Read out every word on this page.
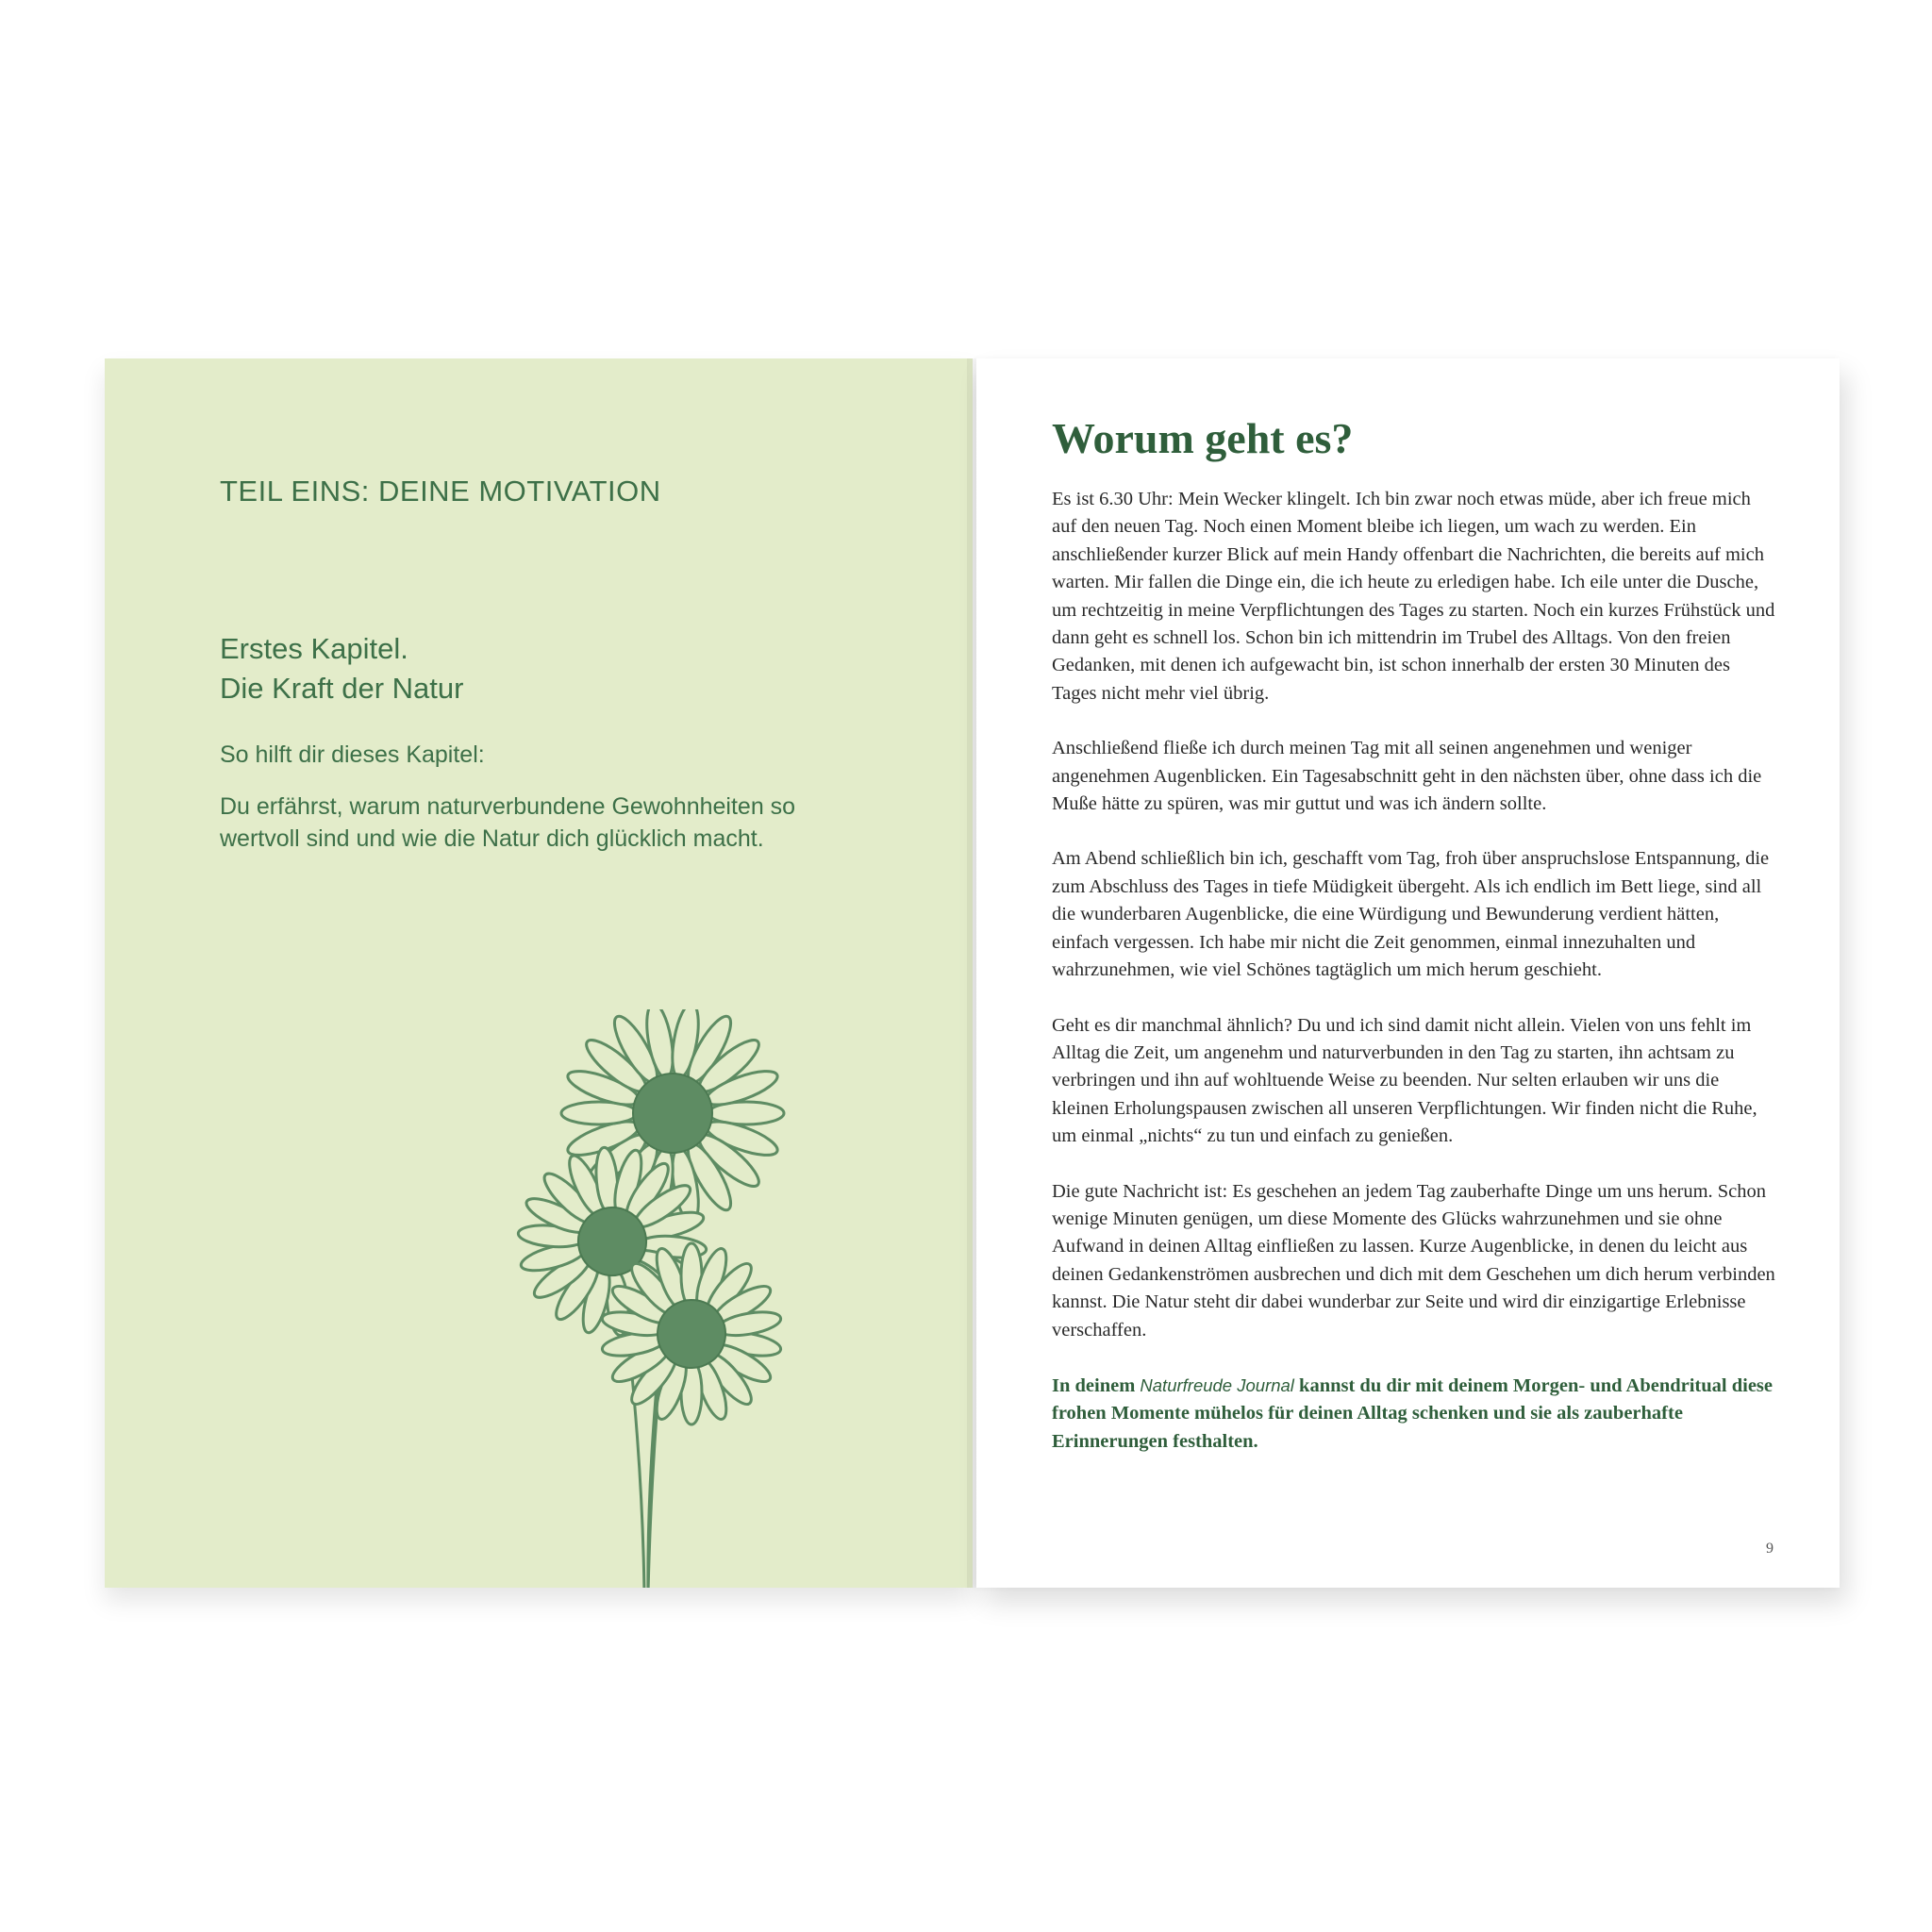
TEIL EINS: DEINE MOTIVATION
Erstes Kapitel.
Die Kraft der Natur
So hilft dir dieses Kapitel:
Du erfährst, warum naturverbundene Gewohnheiten so wertvoll sind und wie die Natur dich glücklich macht.
Worum geht es?

Es ist 6.30 Uhr: Mein Wecker klingelt. Ich bin zwar noch etwas müde, aber ich freue mich auf den neuen Tag. Noch einen Moment bleibe ich liegen, um wach zu werden. Ein anschließender kurzer Blick auf mein Handy offenbart die Nachrichten, die bereits auf mich warten. Mir fallen die Dinge ein, die ich heute zu erledigen habe. Ich eile unter die Dusche, um rechtzeitig in meine Verpflichtungen des Tages zu starten. Noch ein kurzes Frühstück und dann geht es schnell los. Schon bin ich mittendrin im Trubel des Alltags. Von den freien Gedanken, mit denen ich aufgewacht bin, ist schon innerhalb der ersten 30 Minuten des Tages nicht mehr viel übrig.

Anschließend fließe ich durch meinen Tag mit all seinen angenehmen und weniger angenehmen Augenblicken. Ein Tagesabschnitt geht in den nächsten über, ohne dass ich die Muße hätte zu spüren, was mir guttut und was ich ändern sollte.

Am Abend schließlich bin ich, geschafft vom Tag, froh über anspruchslose Entspannung, die zum Abschluss des Tages in tiefe Müdigkeit übergeht. Als ich endlich im Bett liege, sind all die wunderbaren Augenblicke, die eine Würdigung und Bewunderung verdient hätten, einfach vergessen. Ich habe mir nicht die Zeit genommen, einmal innezuhalten und wahrzunehmen, wie viel Schönes tagtäglich um mich herum geschieht.

Geht es dir manchmal ähnlich? Du und ich sind damit nicht allein. Vielen von uns fehlt im Alltag die Zeit, um angenehm und naturverbunden in den Tag zu starten, ihn achtsam zu verbringen und ihn auf wohltuende Weise zu beenden. Nur selten erlauben wir uns die kleinen Erholungspausen zwischen all unseren Verpflichtungen. Wir finden nicht die Ruhe, um einmal „nichts“ zu tun und einfach zu genießen.

Die gute Nachricht ist: Es geschehen an jedem Tag zauberhafte Dinge um uns herum. Schon wenige Minuten genügen, um diese Momente des Glücks wahrzunehmen und sie ohne Aufwand in deinen Alltag einfließen zu lassen. Kurze Augenblicke, in denen du leicht aus deinen Gedankenströmen ausbrechen und dich mit dem Geschehen um dich herum verbinden kannst. Die Natur steht dir dabei wunderbar zur Seite und wird dir einzigartige Erlebnisse verschaffen.

In deinem Naturfreude Journal kannst du dir mit deinem Morgen- und Abendritual diese frohen Momente mühelos für deinen Alltag schenken und sie als zauberhafte Erinnerungen festhalten.

9
